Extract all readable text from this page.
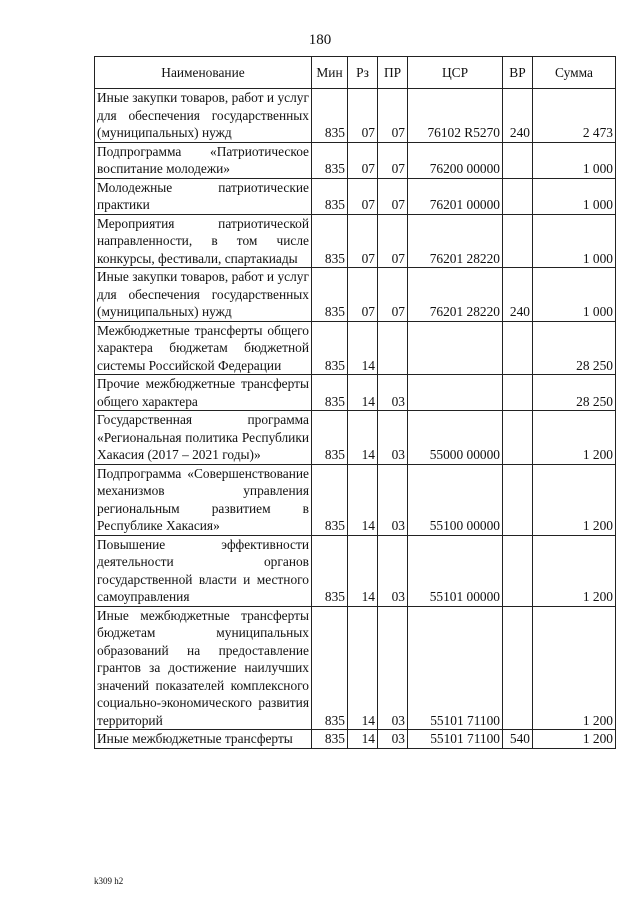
180
Наименование	Мин	Рз	ПР	ЦСР	ВР	Сумма
Иные закупки товаров, работ и услуг для обеспечения государственных (муниципальных) нужд	835	07	07	76102 R5270	240	2 473
Подпрограмма «Патриотическое воспитание молодежи»	835	07	07	76200 00000		1 000
Молодежные патриотические практики	835	07	07	76201 00000		1 000
Мероприятия патриотической направленности, в том числе конкурсы, фестивали, спартакиады	835	07	07	76201 28220		1 000
Иные закупки товаров, работ и услуг для обеспечения государственных (муниципальных) нужд	835	07	07	76201 28220	240	1 000
Межбюджетные трансферты общего характера бюджетам бюджетной системы Российской Федерации	835	14				28 250
Прочие межбюджетные трансферты общего характера	835	14	03			28 250
Государственная программа «Региональная политика Республики Хакасия (2017 – 2021 годы)»	835	14	03	55000 00000		1 200
Подпрограмма «Совершенствование механизмов управления региональным развитием в Республике Хакасия»	835	14	03	55100 00000		1 200
Повышение эффективности деятельности органов государственной власти и местного самоуправления	835	14	03	55101 00000		1 200
Иные межбюджетные трансферты бюджетам муниципальных образований на предоставление грантов за достижение наилучших значений показателей комплексного социально-экономического развития территорий	835	14	03	55101 71100		1 200
Иные межбюджетные трансферты	835	14	03	55101 71100	540	1 200
k309 h2
